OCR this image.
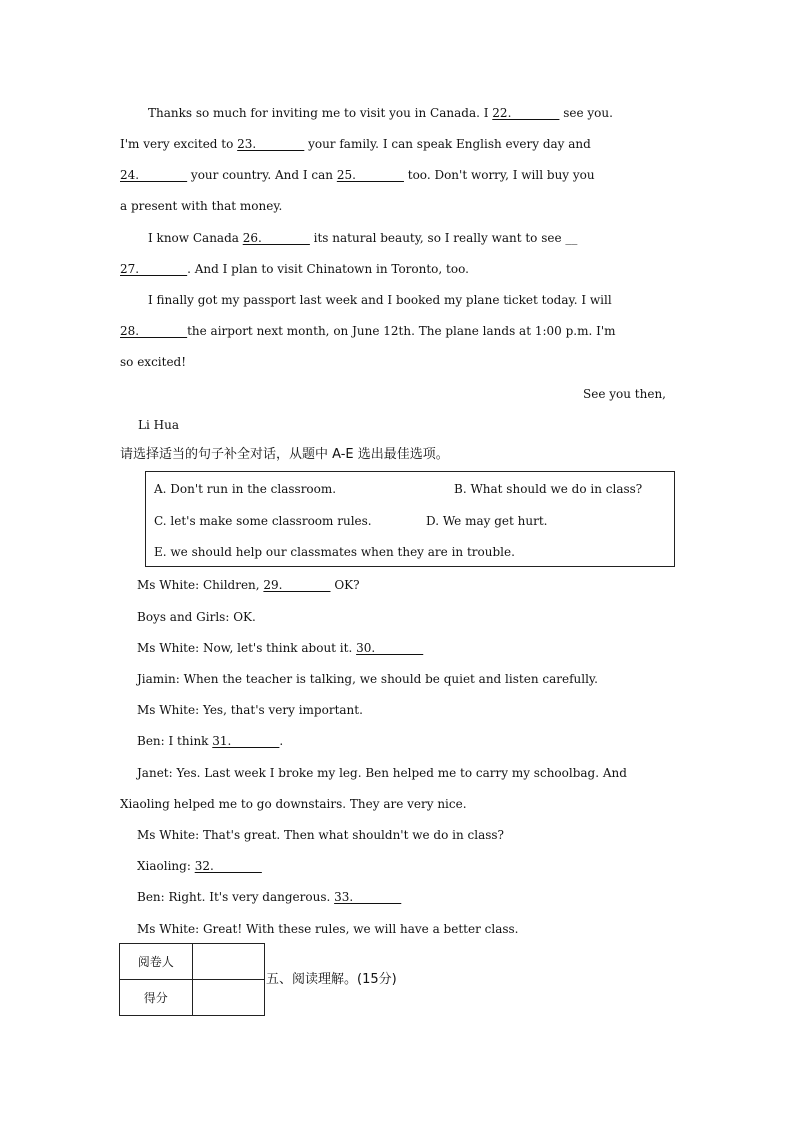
Thanks so much for inviting me to visit you in Canada. I 22.________ see you.
I'm very excited to 23.________ your family. I can speak English every day and
24.________ your country. And I can 25.________ too. Don't worry, I will buy you
a present with that money.
I know Canada 26.________ its natural beauty, so I really want to see __
27.________. And I plan to visit Chinatown in Toronto, too.
I finally got my passport last week and I booked my plane ticket today. I will
28.________the airport next month, on June 12th. The plane lands at 1:00 p.m. I'm
so excited!
See you then,
Li Hua
请选择适当的句子补全对话，从题中 A-E 选出最佳选项。
A. Don't run in the classroom.	B. What should we do in class?
C. let's make some classroom rules.	D. We may get hurt.
E. we should help our classmates when they are in trouble.
Ms White: Children, 29.________ OK?
Boys and Girls: OK.
Ms White: Now, let's think about it. 30.________
Jiamin: When the teacher is talking, we should be quiet and listen carefully.
Ms White: Yes, that's very important.
Ben: I think 31.________.
Janet: Yes. Last week I broke my leg. Ben helped me to carry my schoolbag. And
Xiaoling helped me to go downstairs. They are very nice.
Ms White: That's great. Then what shouldn't we do in class?
Xiaoling: 32.________
Ben: Right. It's very dangerous. 33.________
Ms White: Great! With these rules, we will have a better class.
阅卷人	
得分	
五、阅读理解。(15分)
